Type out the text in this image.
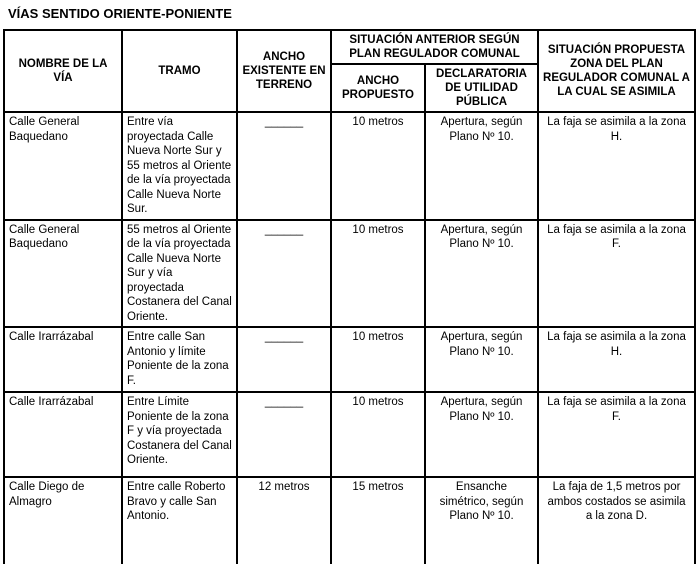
VÍAS SENTIDO ORIENTE-PONIENTE

NOMBRE DE LA VÍA	TRAMO	ANCHO EXISTENTE EN TERRENO	SITUACIÓN ANTERIOR SEGÚN PLAN REGULADOR COMUNAL		SITUACIÓN PROPUESTA ZONA DEL PLAN REGULADOR COMUNAL A LA CUAL SE ASIMILA
			ANCHO PROPUESTO	DECLARATORIA DE UTILIDAD PÚBLICA	
Calle General Baquedano	Entre vía proyectada Calle Nueva Norte Sur y 55 metros al Oriente de la vía proyectada Calle Nueva Norte Sur.	______	10 metros	Apertura, según Plano Nº 10.	La faja se asimila a la zona H.
Calle General Baquedano	55 metros al Oriente de la vía proyectada Calle Nueva Norte Sur y vía proyectada Costanera del Canal Oriente.	______	10 metros	Apertura, según Plano Nº 10.	La faja se asimila a la zona F.
Calle Irarrázabal	Entre calle San Antonio y límite Poniente de la zona F.	______	10 metros	Apertura, según Plano Nº 10.	La faja se asimila a la zona H.
Calle Irarrázabal	Entre Límite Poniente de la zona F y vía proyectada Costanera del Canal Oriente.	______	10 metros	Apertura, según Plano Nº 10.	La faja se asimila a la zona F.
Calle Diego de Almagro	Entre calle Roberto Bravo y calle San Antonio.	12 metros	15 metros	Ensanche simétrico, según Plano Nº 10.	La faja de 1,5 metros por ambos costados se asimila a la zona D.
